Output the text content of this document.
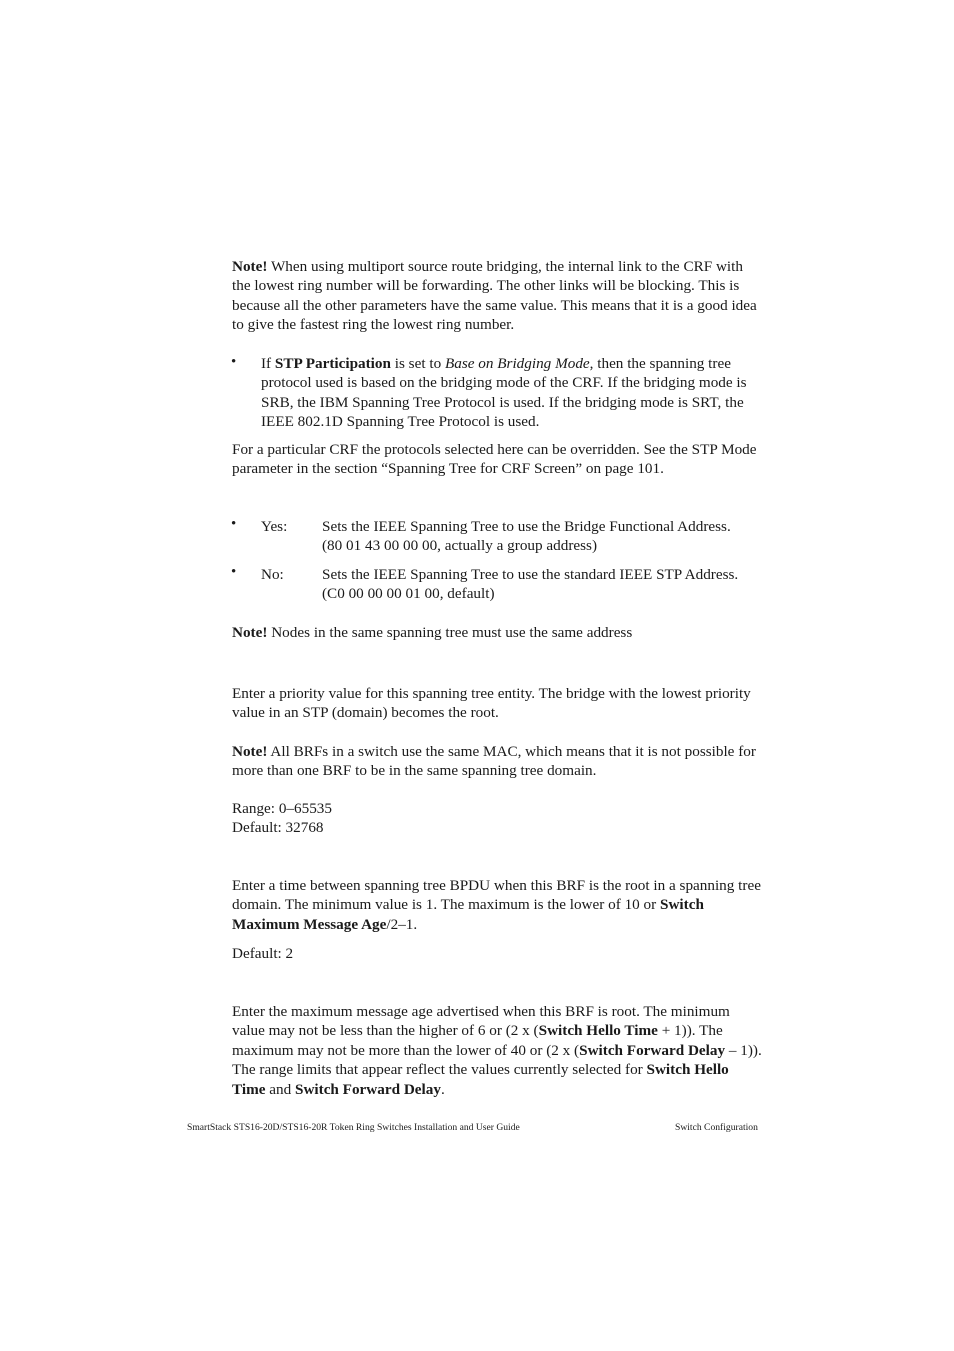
Note! When using multiport source route bridging, the internal link to the CRF with the lowest ring number will be forwarding. The other links will be blocking. This is because all the other parameters have the same value. This means that it is a good idea to give the fastest ring the lowest ring number.

• If STP Participation is set to Base on Bridging Mode, then the spanning tree protocol used is based on the bridging mode of the CRF. If the bridging mode is SRB, the IBM Spanning Tree Protocol is used. If the bridging mode is SRT, the IEEE 802.1D Spanning Tree Protocol is used.

For a particular CRF the protocols selected here can be overridden. See the STP Mode parameter in the section “Spanning Tree for CRF Screen” on page 101.

• Yes: Sets the IEEE Spanning Tree to use the Bridge Functional Address.
(80 01 43 00 00 00, actually a group address)

• No:	Sets the IEEE Spanning Tree to use the standard IEEE STP Address.
(C0 00 00 00 01 00, default)

Note! Nodes in the same spanning tree must use the same address

Enter a priority value for this spanning tree entity. The bridge with the lowest priority value in an STP (domain) becomes the root.

Note! All BRFs in a switch use the same MAC, which means that it is not possible for more than one BRF to be in the same spanning tree domain.

Range: 0–65535
Default: 32768

Enter a time between spanning tree BPDU when this BRF is the root in a spanning tree domain. The minimum value is 1. The maximum is the lower of 10 or Switch Maximum Message Age/2–1.

Default: 2

Enter the maximum message age advertised when this BRF is root. The minimum value may not be less than the higher of 6 or (2 x (Switch Hello Time + 1)). The maximum may not be more than the lower of 40 or (2 x (Switch Forward Delay – 1)). The range limits that appear reflect the values currently selected for Switch Hello Time and Switch Forward Delay.

SmartStack STS16-20D/STS16-20R Token Ring Switches Installation and User Guide	Switch Configuration
